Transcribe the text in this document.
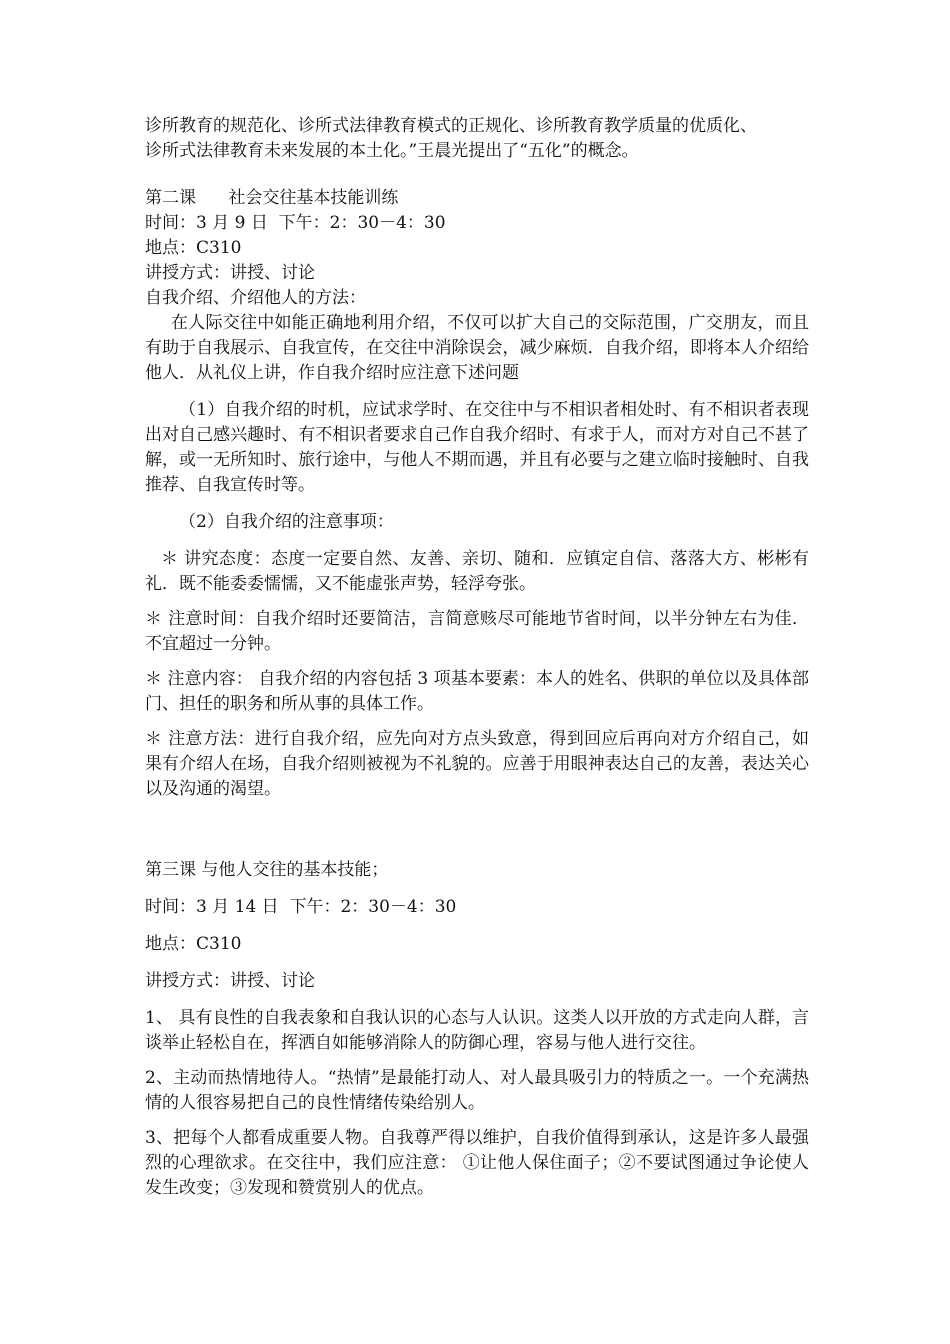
诊所教育的规范化、诊所式法律教育模式的正规化、诊所教育教学质量的优质化、

诊所式法律教育未来发展的本土化。”王晨光提出了“五化”的概念。

第二课      社会交往基本技能训练

时间：3 月 9 日  下午：2：30－4：30

地点：C310

讲授方式：讲授、讨论

自我介绍、介绍他人的方法：

在人际交往中如能正确地利用介绍，不仅可以扩大自己的交际范围，广交朋友，而且有助于自我展示、自我宣传，在交往中消除误会，减少麻烦．自我介绍，即将本人介绍给他人．从礼仪上讲，作自我介绍时应注意下述问题

（1）自我介绍的时机，应试求学时、在交往中与不相识者相处时、有不相识者表现出对自己感兴趣时、有不相识者要求自己作自我介绍时、有求于人，而对方对自己不甚了解，或一无所知时、旅行途中，与他人不期而遇，并且有必要与之建立临时接触时、自我推荐、自我宣传时等。

（2）自我介绍的注意事项：

＊ 讲究态度：态度一定要自然、友善、亲切、随和．应镇定自信、落落大方、彬彬有礼．既不能委委懦懦，又不能虚张声势，轻浮夸张。

＊ 注意时间：自我介绍时还要简洁，言简意赅尽可能地节省时间，以半分钟左右为佳．不宜超过一分钟。

＊ 注意内容： 自我介绍的内容包括 3 项基本要素：本人的姓名、供职的单位以及具体部门、担任的职务和所从事的具体工作。

＊ 注意方法：进行自我介绍，应先向对方点头致意，得到回应后再向对方介绍自己，如果有介绍人在场，自我介绍则被视为不礼貌的。应善于用眼神表达自己的友善，表达关心以及沟通的渴望。

第三课 与他人交往的基本技能；

时间：3 月 14 日  下午：2：30－4：30

地点：C310

讲授方式：讲授、讨论

1、 具有良性的自我表象和自我认识的心态与人认识。这类人以开放的方式走向人群，言谈举止轻松自在，挥洒自如能够消除人的防御心理，容易与他人进行交往。

2、主动而热情地待人。“热情”是最能打动人、对人最具吸引力的特质之一。一个充满热情的人很容易把自己的良性情绪传染给别人。

3、把每个人都看成重要人物。自我尊严得以维护，自我价值得到承认，这是许多人最强烈的心理欲求。在交往中，我们应注意： ①让他人保住面子；②不要试图通过争论使人发生改变；③发现和赞赏别人的优点。
